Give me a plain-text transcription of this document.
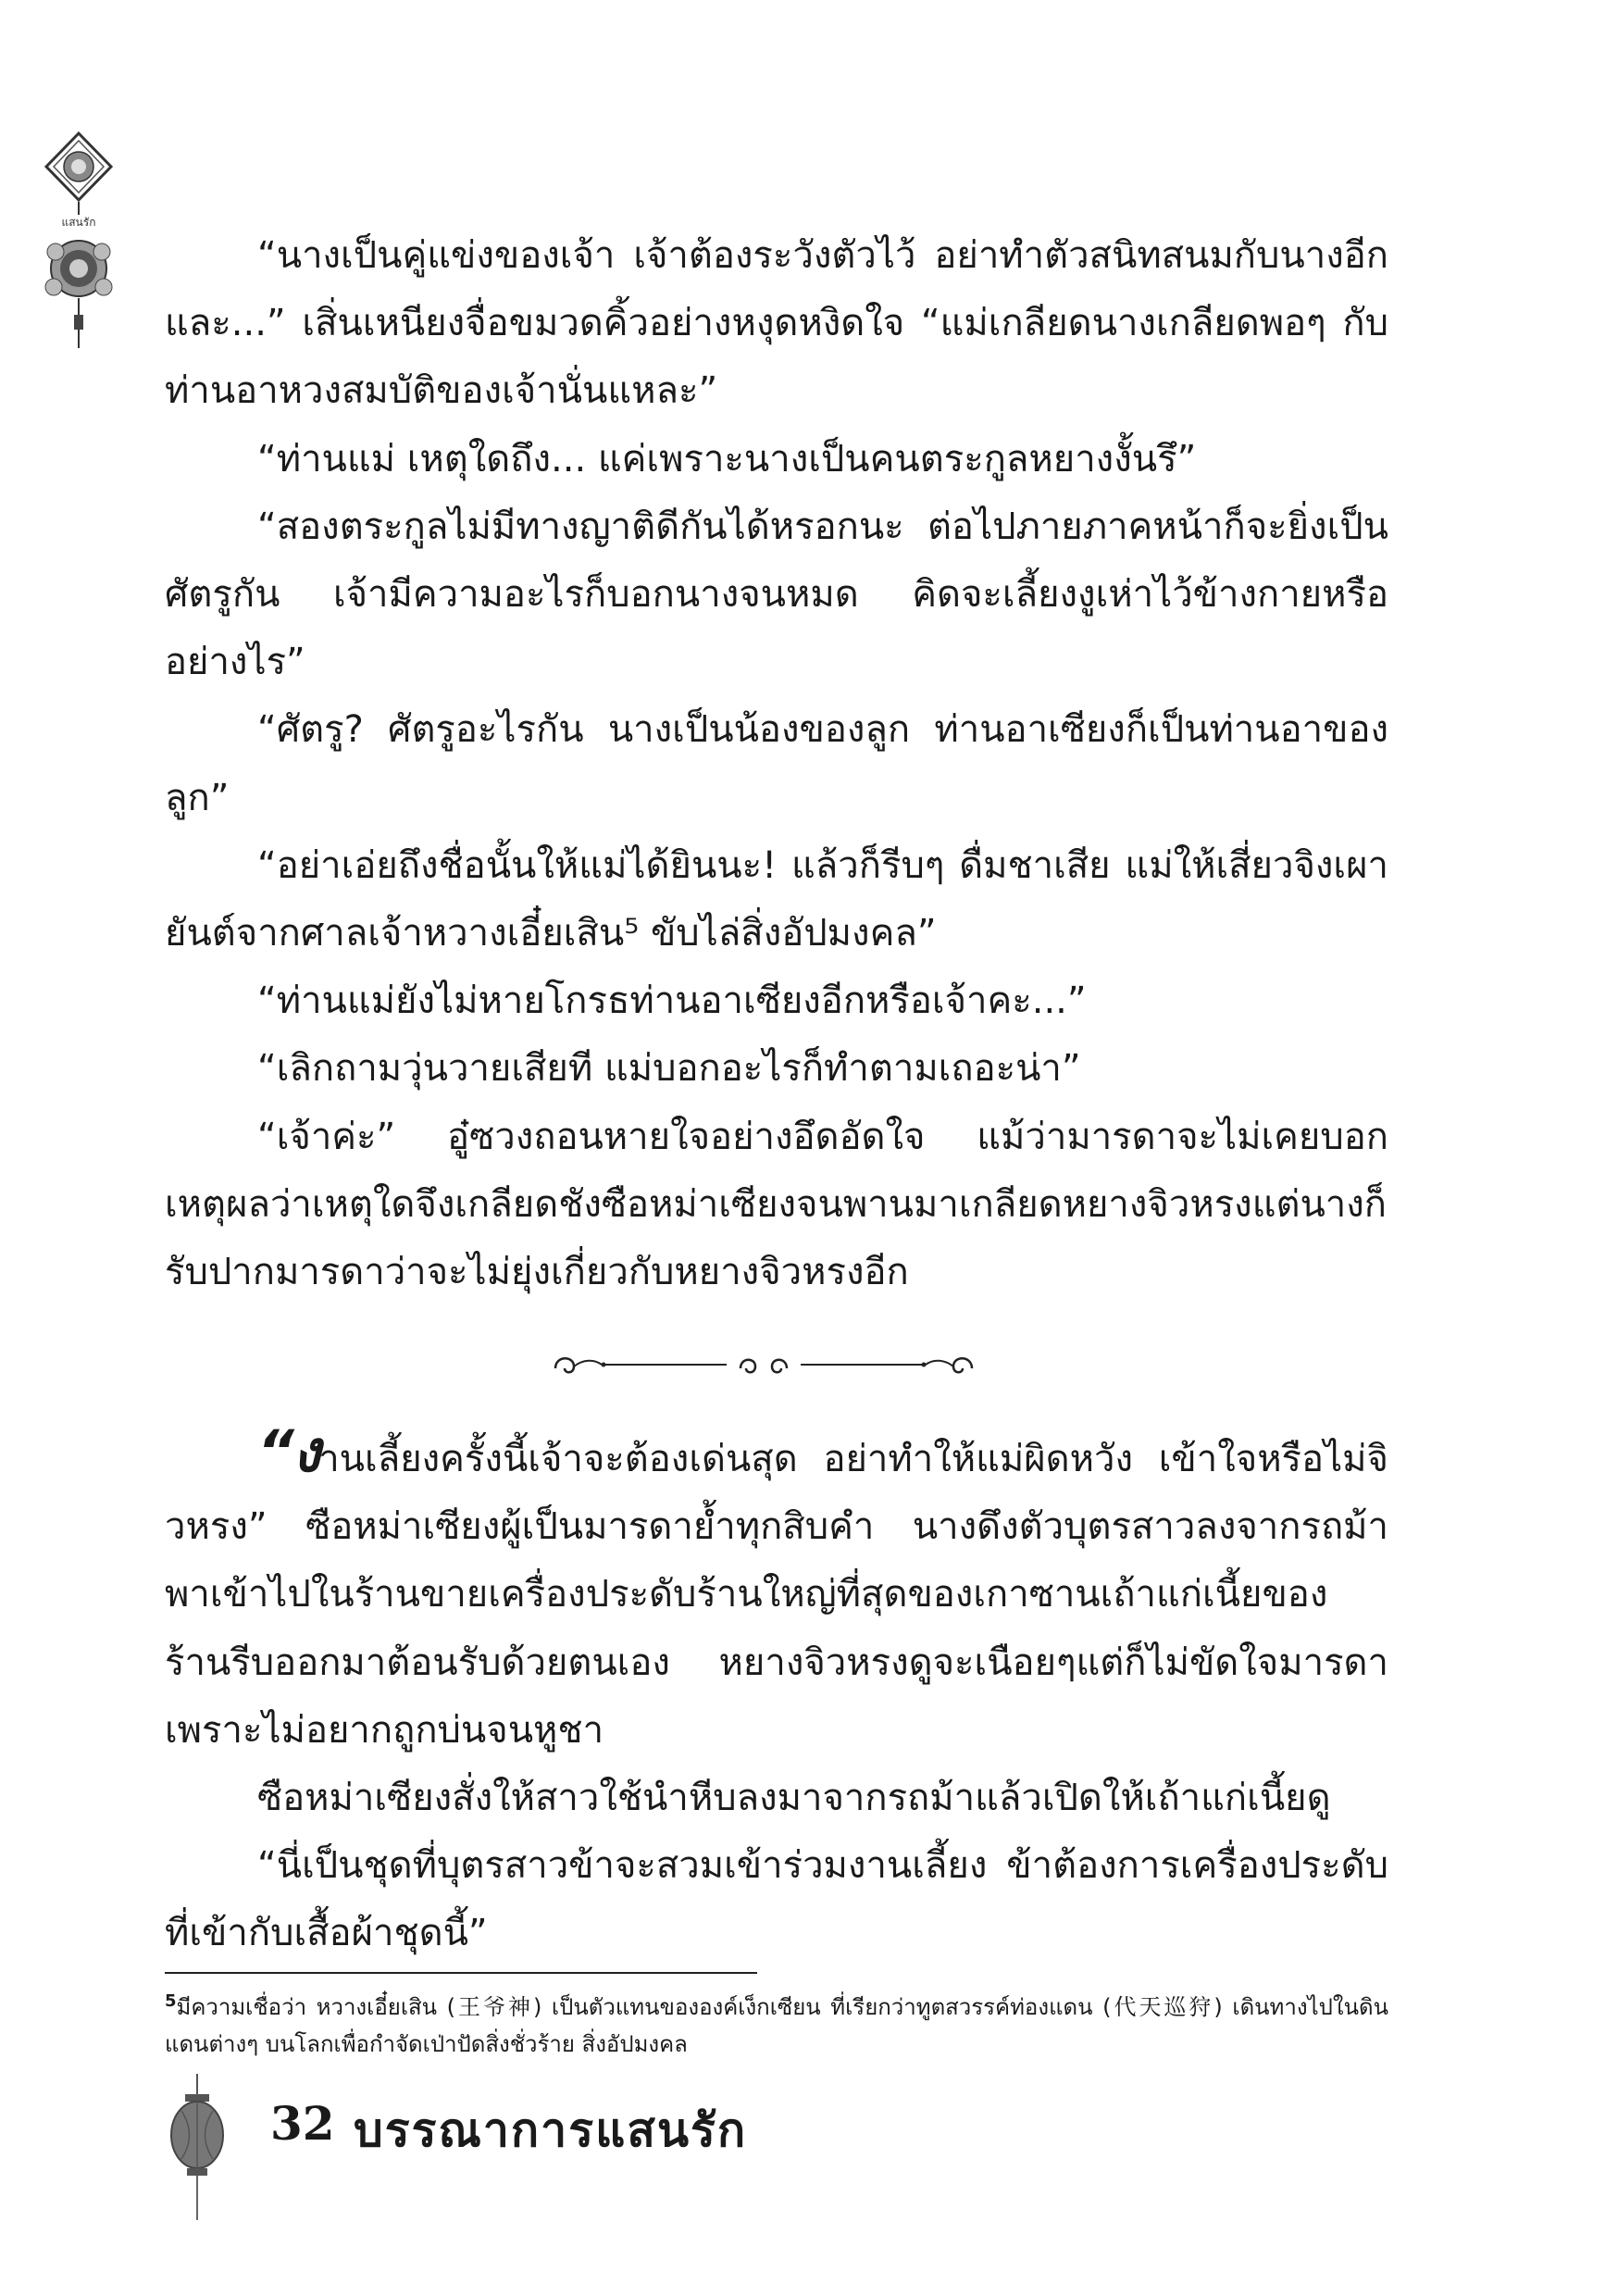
แสนรัก

“นางเป็นคู่แข่งของเจ้า เจ้าต้องระวังตัวไว้ อย่าทำตัวสนิทสนมกับนางอีก และ...” เสิ่นเหนียงจื่อขมวดคิ้วอย่างหงุดหงิดใจ “แม่เกลียดนางเกลียดพอๆ กับท่านอาหวงสมบัติของเจ้านั่นแหละ”

“ท่านแม่ เหตุใดถึง... แค่เพราะนางเป็นคนตระกูลหยางงั้นรึ”

“สองตระกูลไม่มีทางญาติดีกันได้หรอกนะ ต่อไปภายภาคหน้าก็จะยิ่งเป็นศัตรูกัน เจ้ามีความอะไรก็บอกนางจนหมด คิดจะเลี้ยงงูเห่าไว้ข้างกายหรืออย่างไร”

“ศัตรู? ศัตรูอะไรกัน นางเป็นน้องของลูก ท่านอาเซียงก็เป็นท่านอาของลูก”

“อย่าเอ่ยถึงชื่อนั้นให้แม่ได้ยินนะ! แล้วก็รีบๆ ดื่มชาเสีย แม่ให้เสี่ยวจิงเผายันต์จากศาลเจ้าหวางเอี๋ยเสิน⁵ ขับไล่สิ่งอัปมงคล”

“ท่านแม่ยังไม่หายโกรธท่านอาเซียงอีกหรือเจ้าคะ...”

“เลิกถามวุ่นวายเสียที แม่บอกอะไรก็ทำตามเถอะน่า”

“เจ้าค่ะ” อู๋ซวงถอนหายใจอย่างอึดอัดใจ แม้ว่ามารดาจะไม่เคยบอกเหตุผลว่าเหตุใดจึงเกลียดชังซือหม่าเซียงจนพานมาเกลียดหยางจิวหรงแต่นางก็รับปากมารดาว่าจะไม่ยุ่งเกี่ยวกับหยางจิวหรงอีก

“งานเลี้ยงครั้งนี้เจ้าจะต้องเด่นสุด อย่าทำให้แม่ผิดหวัง เข้าใจหรือไม่จิวหรง” ซือหม่าเซียงผู้เป็นมารดาย้ำทุกสิบคำ นางดึงตัวบุตรสาวลงจากรถม้า พาเข้าไปในร้านขายเครื่องประดับร้านใหญ่ที่สุดของเกาซานเถ้าแก่เนี้ยของร้านรีบออกมาต้อนรับด้วยตนเอง หยางจิวหรงดูจะเนือยๆแต่ก็ไม่ขัดใจมารดาเพราะไม่อยากถูกบ่นจนหูชา

ซือหม่าเซียงสั่งให้สาวใช้นำหีบลงมาจากรถม้าแล้วเปิดให้เถ้าแก่เนี้ยดู

“นี่เป็นชุดที่บุตรสาวข้าจะสวมเข้าร่วมงานเลี้ยง ข้าต้องการเครื่องประดับที่เข้ากับเสื้อผ้าชุดนี้”

$^5$มีความเชื่อว่า หวางเอี๋ยเสิน (王爷神) เป็นตัวแทนขององค์เง็กเซียน ที่เรียกว่าทูตสวรรค์ท่องแดน (代天巡狩) เดินทางไปในดินแดนต่างๆ บนโลกเพื่อกำจัดเป่าปัดสิ่งชั่วร้าย สิ่งอัปมงคล

32 บรรณาการแสนรัก
